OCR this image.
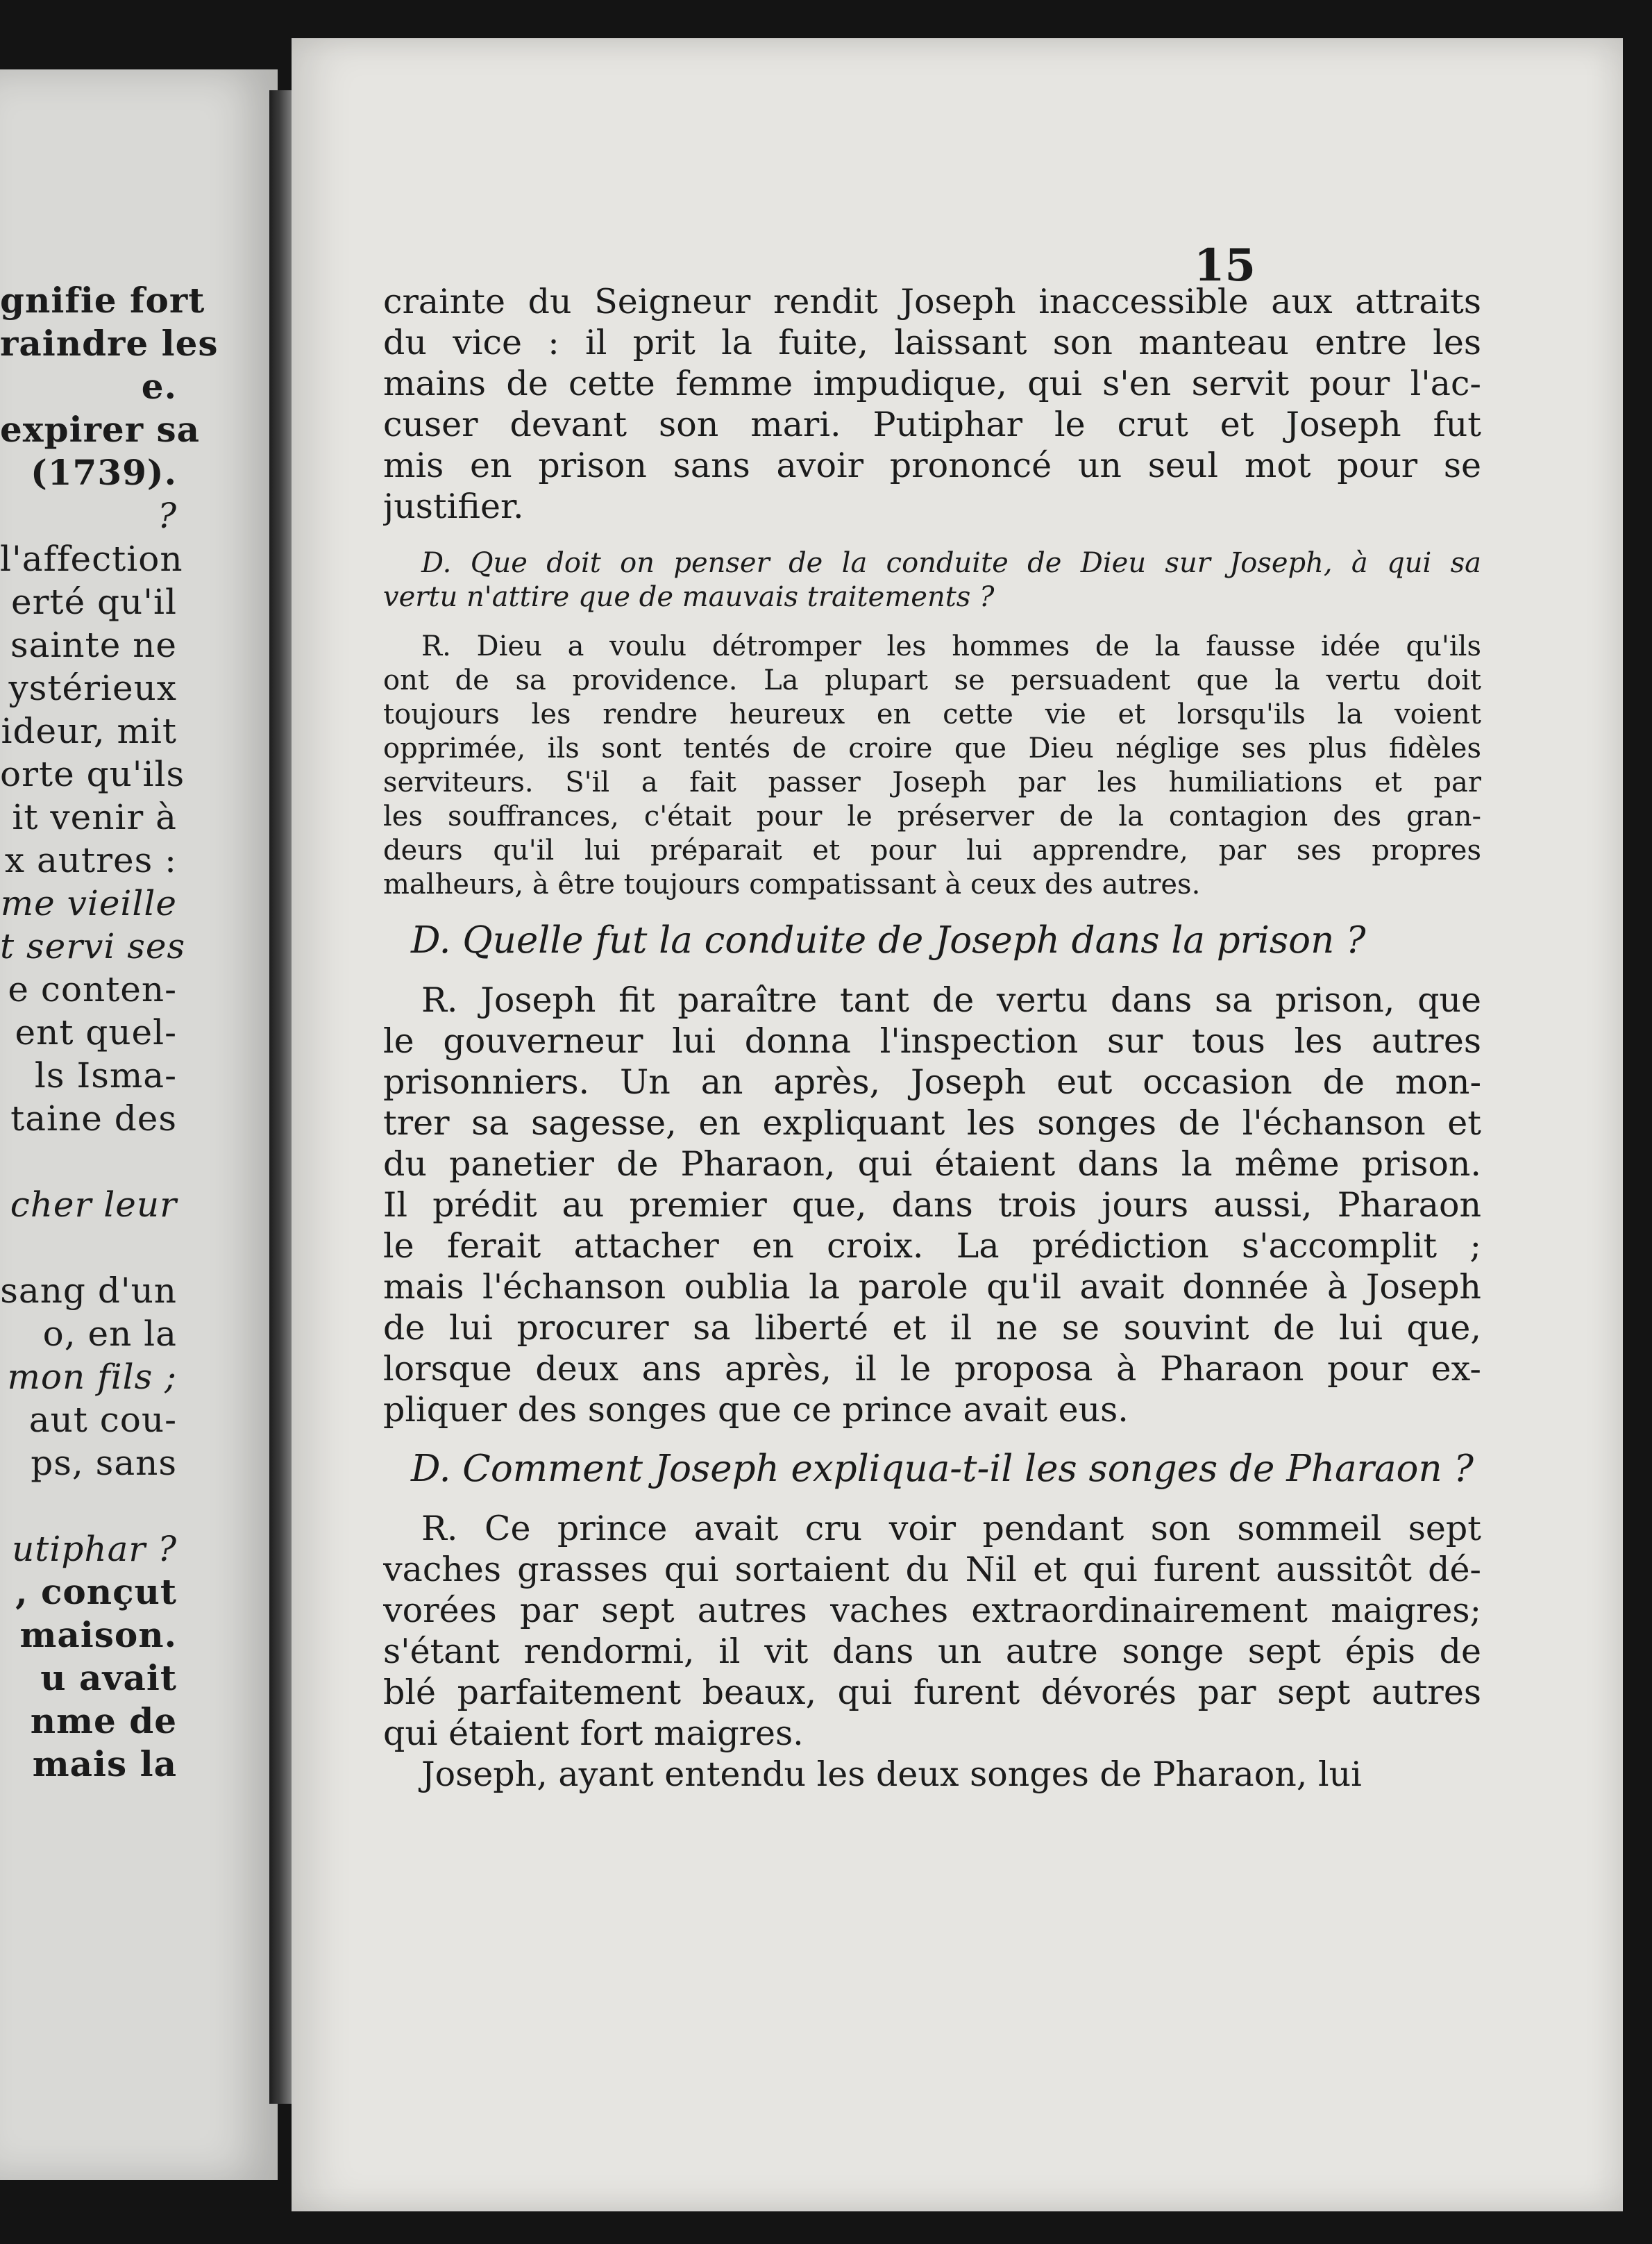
gnifie fort
raindre les
e.
expirer sa
(1739).
?
l'affection
erté qu'il
sainte ne
ystérieux
ideur, mit
orte qu'ils
it venir à
x autres :
me vieille
t servi ses
e conten-
ent quel-
ls Isma-
taine des
cher leur
sang d'un
o, en la
mon fils ;
aut cou-
ps, sans
utiphar ?
, conçut
maison.
u avait
nme de
mais la
15
crainte du Seigneur rendit Joseph inaccessible aux attraits
du vice : il prit la fuite, laissant son manteau entre les
mains de cette femme impudique, qui s'en servit pour l'ac-
cuser devant son mari. Putiphar le crut et Joseph fut
mis en prison sans avoir prononcé un seul mot pour se
justifier.
D. Que doit on penser de la conduite de Dieu sur Joseph, à qui sa
vertu n'attire que de mauvais traitements ?
R. Dieu a voulu détromper les hommes de la fausse idée qu'ils
ont de sa providence. La plupart se persuadent que la vertu doit
toujours les rendre heureux en cette vie et lorsqu'ils la voient
opprimée, ils sont tentés de croire que Dieu néglige ses plus fidèles
serviteurs. S'il a fait passer Joseph par les humiliations et par
les souffrances, c'était pour le préserver de la contagion des gran-
deurs qu'il lui préparait et pour lui apprendre, par ses propres
malheurs, à être toujours compatissant à ceux des autres.
D. Quelle fut la conduite de Joseph dans la prison ?
R. Joseph fit paraître tant de vertu dans sa prison, que
le gouverneur lui donna l'inspection sur tous les autres
prisonniers. Un an après, Joseph eut occasion de mon-
trer sa sagesse, en expliquant les songes de l'échanson et
du panetier de Pharaon, qui étaient dans la même prison.
Il prédit au premier que, dans trois jours aussi, Pharaon
le ferait attacher en croix. La prédiction s'accomplit ;
mais l'échanson oublia la parole qu'il avait donnée à Joseph
de lui procurer sa liberté et il ne se souvint de lui que,
lorsque deux ans après, il le proposa à Pharaon pour ex-
pliquer des songes que ce prince avait eus.
D. Comment Joseph expliqua-t-il les songes de Pharaon ?
R. Ce prince avait cru voir pendant son sommeil sept
vaches grasses qui sortaient du Nil et qui furent aussitôt dé-
vorées par sept autres vaches extraordinairement maigres;
s'étant rendormi, il vit dans un autre songe sept épis de
blé parfaitement beaux, qui furent dévorés par sept autres
qui étaient fort maigres.
Joseph, ayant entendu les deux songes de Pharaon, lui
